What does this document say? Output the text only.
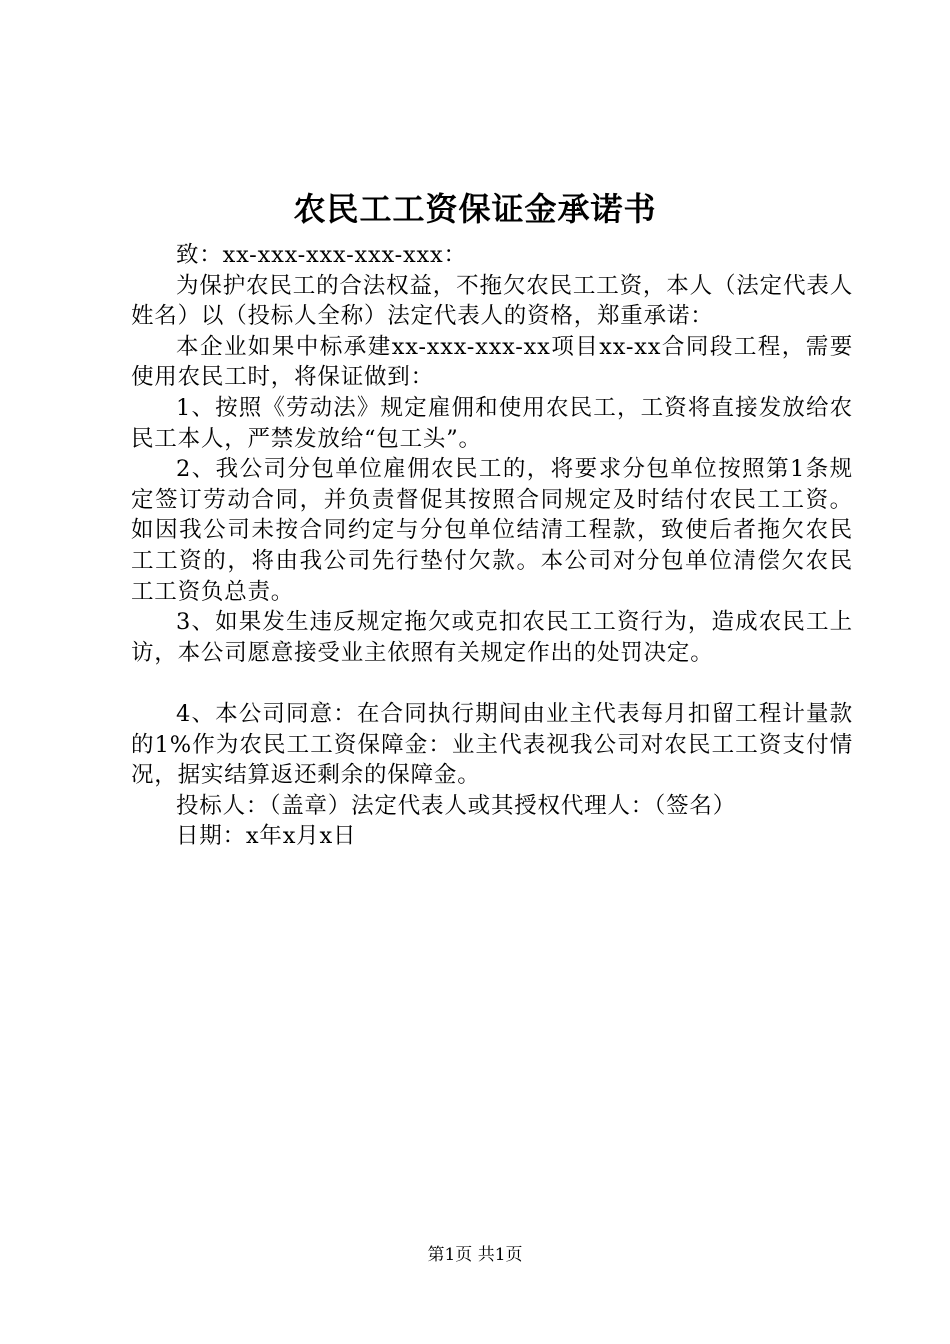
农民工工资保证金承诺书

致：xx-xxx-xxx-xxx-xxx：

为保护农民工的合法权益，不拖欠农民工工资，本人（法定代表人姓名）以（投标人全称）法定代表人的资格，郑重承诺：

本企业如果中标承建xx-xxx-xxx-xx项目xx-xx合同段工程，需要使用农民工时，将保证做到：

1、按照《劳动法》规定雇佣和使用农民工，工资将直接发放给农民工本人，严禁发放给“包工头”。

2、我公司分包单位雇佣农民工的，将要求分包单位按照第1条规定签订劳动合同，并负责督促其按照合同规定及时结付农民工工资。如因我公司未按合同约定与分包单位结清工程款，致使后者拖欠农民工工资的，将由我公司先行垫付欠款。本公司对分包单位清偿欠农民工工资负总责。

3、如果发生违反规定拖欠或克扣农民工工资行为，造成农民工上访，本公司愿意接受业主依照有关规定作出的处罚决定。

4、本公司同意：在合同执行期间由业主代表每月扣留工程计量款的1%作为农民工工资保障金：业主代表视我公司对农民工工资支付情况，据实结算返还剩余的保障金。

投标人：（盖章）法定代表人或其授权代理人：（签名）

日期：x年x月x日

第1页 共1页
